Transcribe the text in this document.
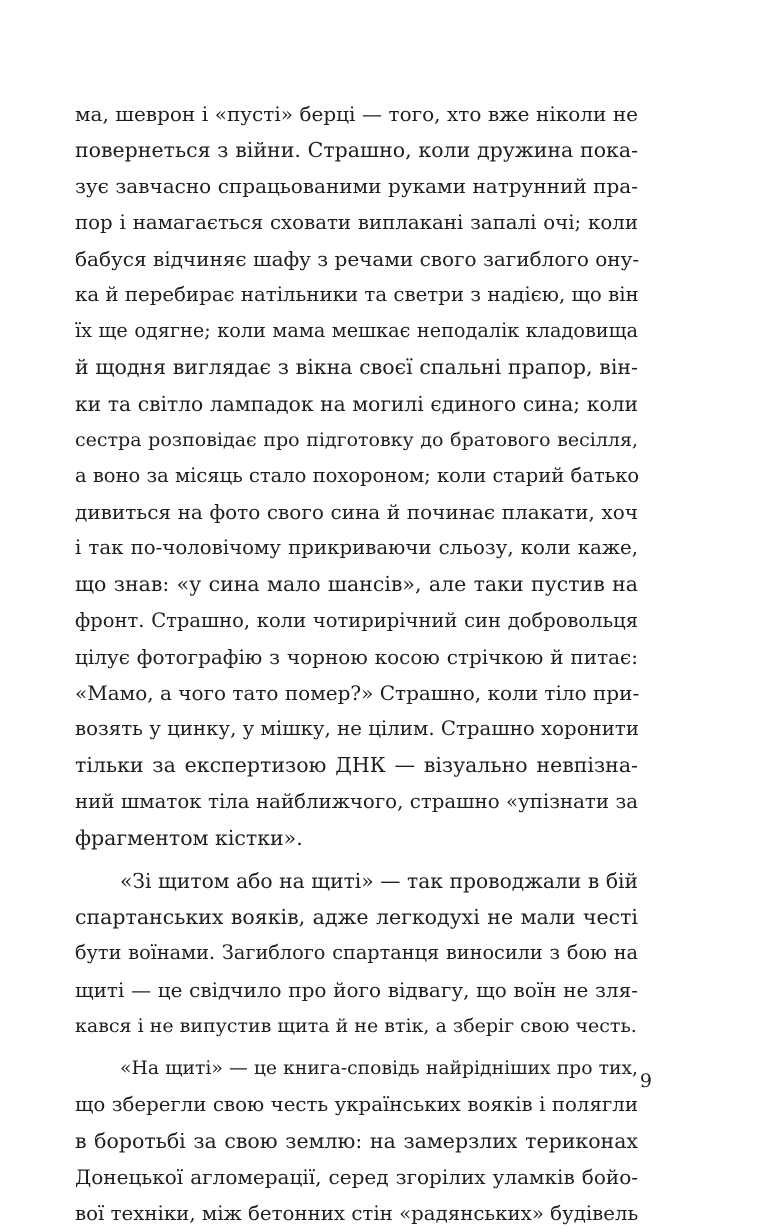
ма, шеврон і «пусті» берці — того, хто вже ніколи не
повернеться з війни. Страшно, коли дружина пока-
зує завчасно спрацьованими руками натрунний пра-
пор і намагається сховати виплакані запалі очі; коли
бабуся відчиняє шафу з речами свого загиблого ону-
ка й перебирає натільники та светри з надією, що він
їх ще одягне; коли мама мешкає неподалік кладовища
й щодня виглядає з вікна своєї спальні прапор, він-
ки та світло лампадок на могилі єдиного сина; коли
сестра розповідає про підготовку до братового весілля,
а воно за місяць стало похороном; коли старий батько
дивиться на фото свого сина й починає плакати, хоч
і так по-чоловічому прикриваючи сльозу, коли каже,
що знав: «у сина мало шансів», але таки пустив на
фронт. Страшно, коли чотирирічний син добровольця
цілує фотографію з чорною косою стрічкою й питає:
«Мамо, а чого тато помер?» Страшно, коли тіло при-
возять у цинку, у мішку, не цілим. Страшно хоронити
тільки за експертизою ДНК — візуально невпізна-
ний шматок тіла найближчого, страшно «упізнати за
фрагментом кістки».
«Зі щитом або на щиті» — так проводжали в бій
спартанських вояків, адже легкодухі не мали честі
бути воїнами. Загиблого спартанця виносили з бою на
щиті — це свідчило про його відвагу, що воїн не зля-
кався і не випустив щита й не втік, а зберіг свою честь.
«На щиті» — це книга-сповідь найрідніших про тих,
що зберегли свою честь українських вояків і полягли
в боротьбі за свою землю: на замерзлих териконах
Донецької агломерації, серед згорілих уламків бойо-
вої техніки, між бетонних стін «радянських» будівель
9
